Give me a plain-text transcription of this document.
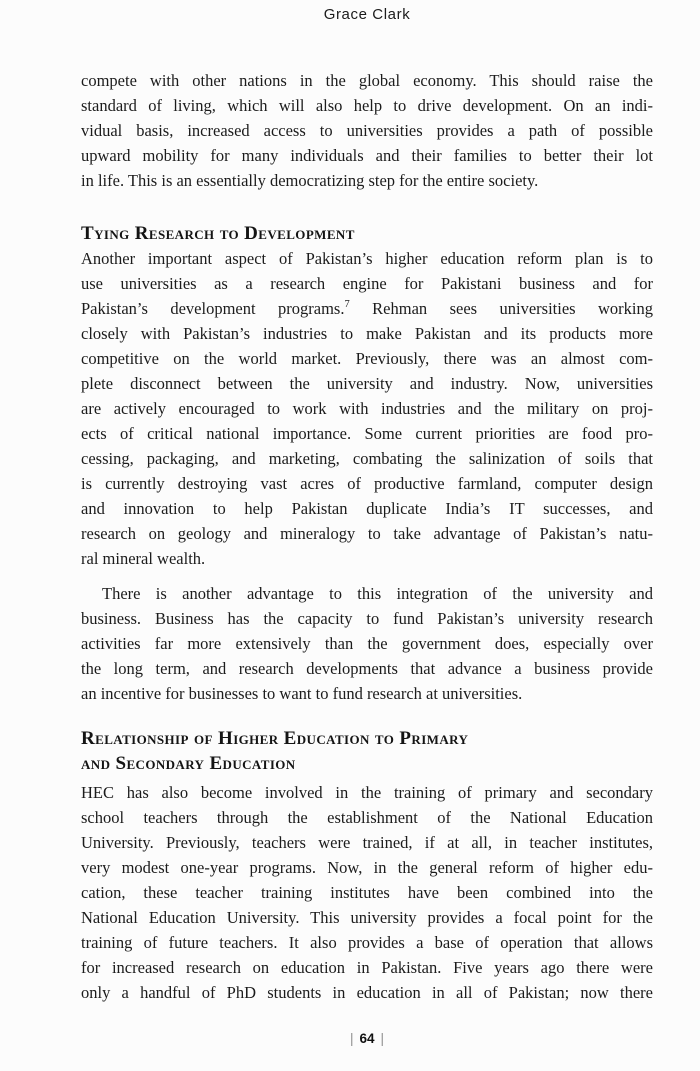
Grace Clark
compete with other nations in the global economy. This should raise the
standard of living, which will also help to drive development. On an indi-
vidual basis, increased access to universities provides a path of possible
upward mobility for many individuals and their families to better their lot
in life. This is an essentially democratizing step for the entire society.
Tying Research to Development
Another important aspect of Pakistan’s higher education reform plan is to
use universities as a research engine for Pakistani business and for
Pakistan’s development programs.$^7$ Rehman sees universities working
closely with Pakistan’s industries to make Pakistan and its products more
competitive on the world market. Previously, there was an almost com-
plete disconnect between the university and industry. Now, universities
are actively encouraged to work with industries and the military on proj-
ects of critical national importance. Some current priorities are food pro-
cessing, packaging, and marketing, combating the salinization of soils that
is currently destroying vast acres of productive farmland, computer design
and innovation to help Pakistan duplicate India’s IT successes, and
research on geology and mineralogy to take advantage of Pakistan’s natu-
ral mineral wealth.
There is another advantage to this integration of the university and
business. Business has the capacity to fund Pakistan’s university research
activities far more extensively than the government does, especially over
the long term, and research developments that advance a business provide
an incentive for businesses to want to fund research at universities.
Relationship of Higher Education to Primary
and Secondary Education
HEC has also become involved in the training of primary and secondary
school teachers through the establishment of the National Education
University. Previously, teachers were trained, if at all, in teacher institutes,
very modest one-year programs. Now, in the general reform of higher edu-
cation, these teacher training institutes have been combined into the
National Education University. This university provides a focal point for the
training of future teachers. It also provides a base of operation that allows
for increased research on education in Pakistan. Five years ago there were
only a handful of PhD students in education in all of Pakistan; now there
| 64 |
